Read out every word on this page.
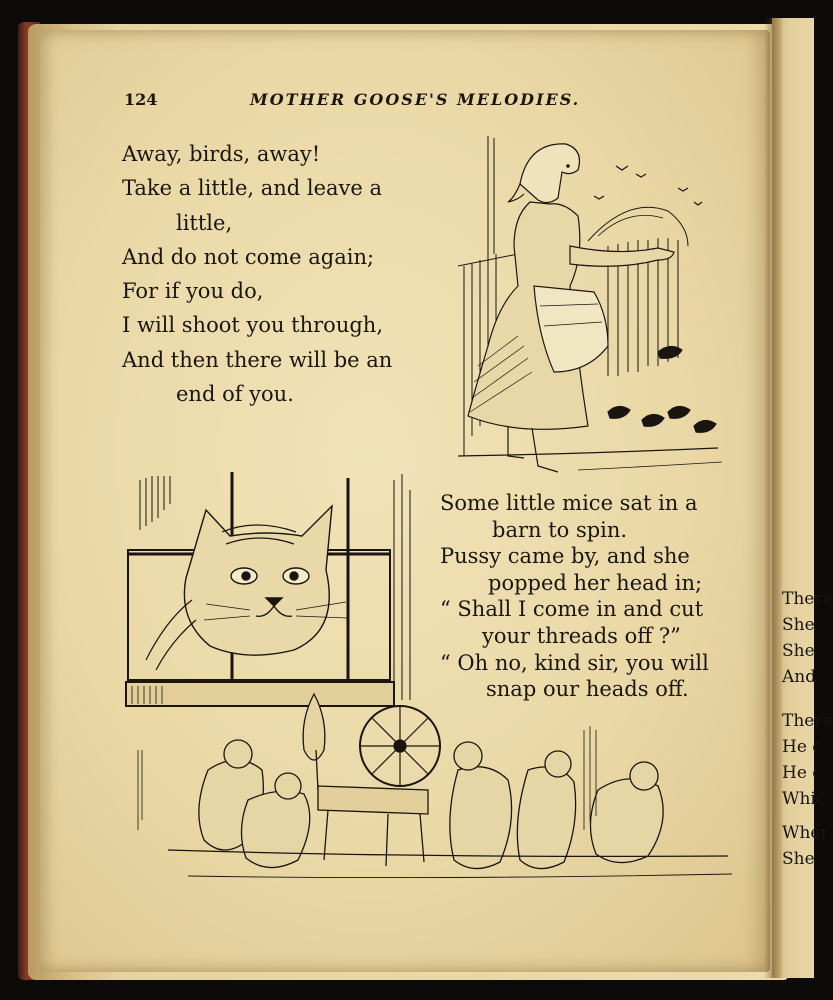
124	MOTHER GOOSE'S MELODIES.
Away, birds, away!
Take a little, and leave a
little,
And do not come again;
For if you do,
I will shoot you through,
And then there will be an
end of you.
Some little mice sat in a
barn to spin.
Pussy came by, and she
popped her head in;
“ Shall I come in and cut
your threads off ?”
“ Oh no, kind sir, you will
snap our heads off.
There
She
She
And
There
He c
He c
Whic
Wher
She
